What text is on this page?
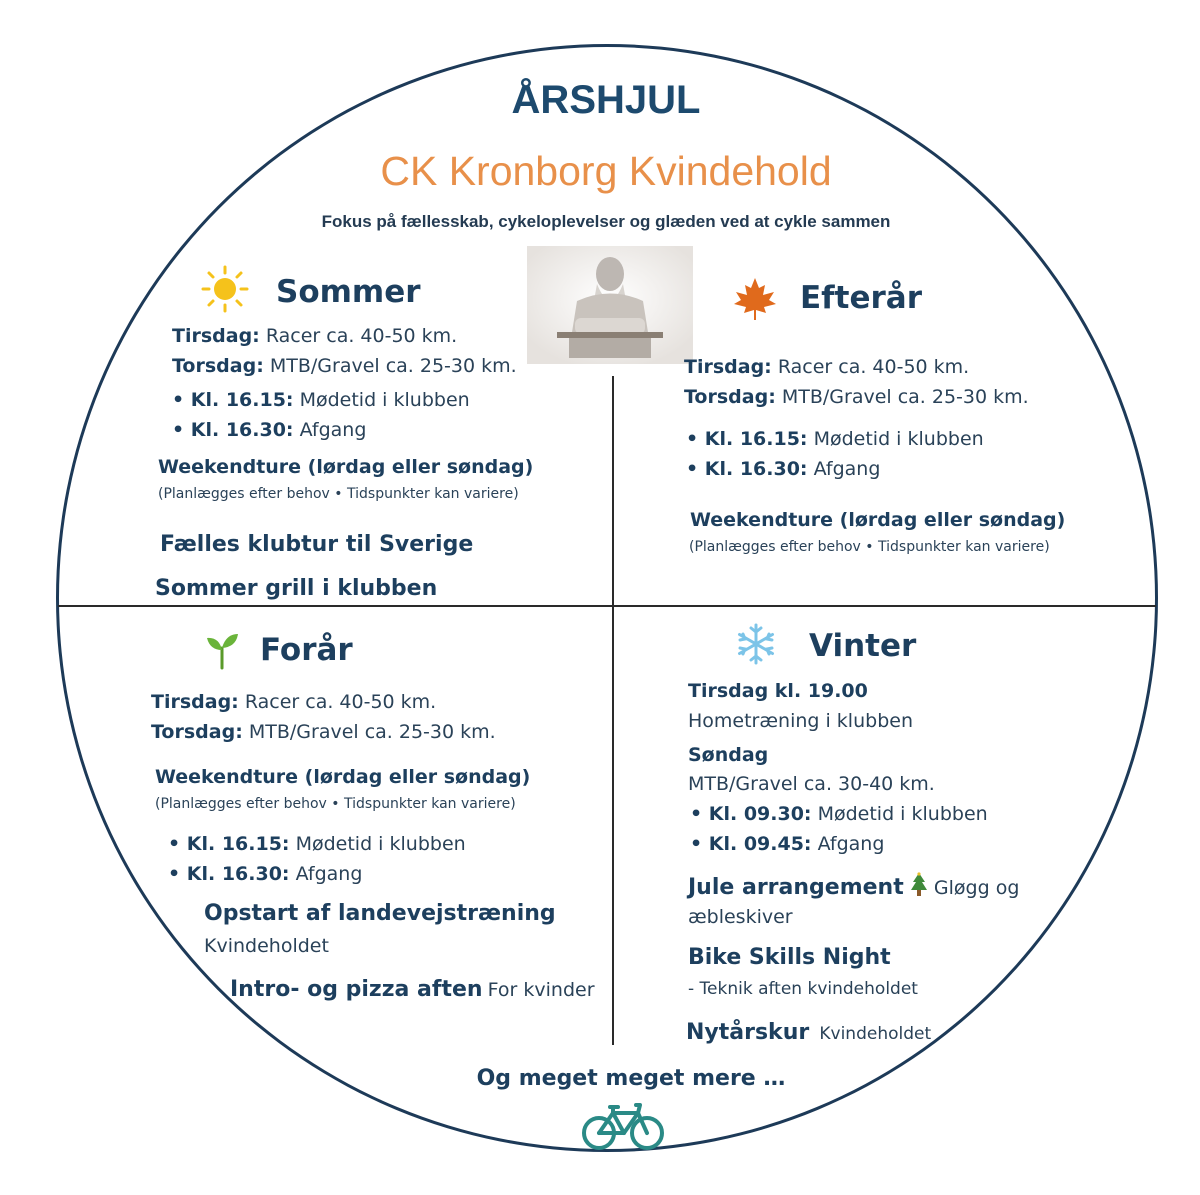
ÅRSHJUL
CK Kronborg Kvindehold
Fokus på fællesskab, cykeloplevelser og glæden ved at cykle sammen
Sommer
Tirsdag: Racer ca. 40-50 km.
Torsdag: MTB/Gravel ca. 25-30 km.
• Kl. 16.15: Mødetid i klubben
• Kl. 16.30: Afgang
Weekendture (lørdag eller søndag)
(Planlægges efter behov • Tidspunkter kan variere)
Fælles klubtur til Sverige
Sommer grill i klubben
Efterår
Tirsdag: Racer ca. 40-50 km.
Torsdag: MTB/Gravel ca. 25-30 km.
• Kl. 16.15: Mødetid i klubben
• Kl. 16.30: Afgang
Weekendture (lørdag eller søndag)
(Planlægges efter behov • Tidspunkter kan variere)
Forår
Tirsdag: Racer ca. 40-50 km.
Torsdag: MTB/Gravel ca. 25-30 km.
Weekendture (lørdag eller søndag)
(Planlægges efter behov • Tidspunkter kan variere)
• Kl. 16.15: Mødetid i klubben
• Kl. 16.30: Afgang
Opstart af landevejstræning
Kvindeholdet
Intro- og pizza aften For kvinder
Vinter
Tirsdag kl. 19.00
Hometræning i klubben
Søndag
MTB/Gravel ca. 30-40 km.
• Kl. 09.30: Mødetid i klubben
• Kl. 09.45: Afgang
Jule arrangement Gløgg og
æbleskiver
Bike Skills Night
- Teknik aften kvindeholdet
Nytårskur Kvindeholdet
Og meget meget mere …
